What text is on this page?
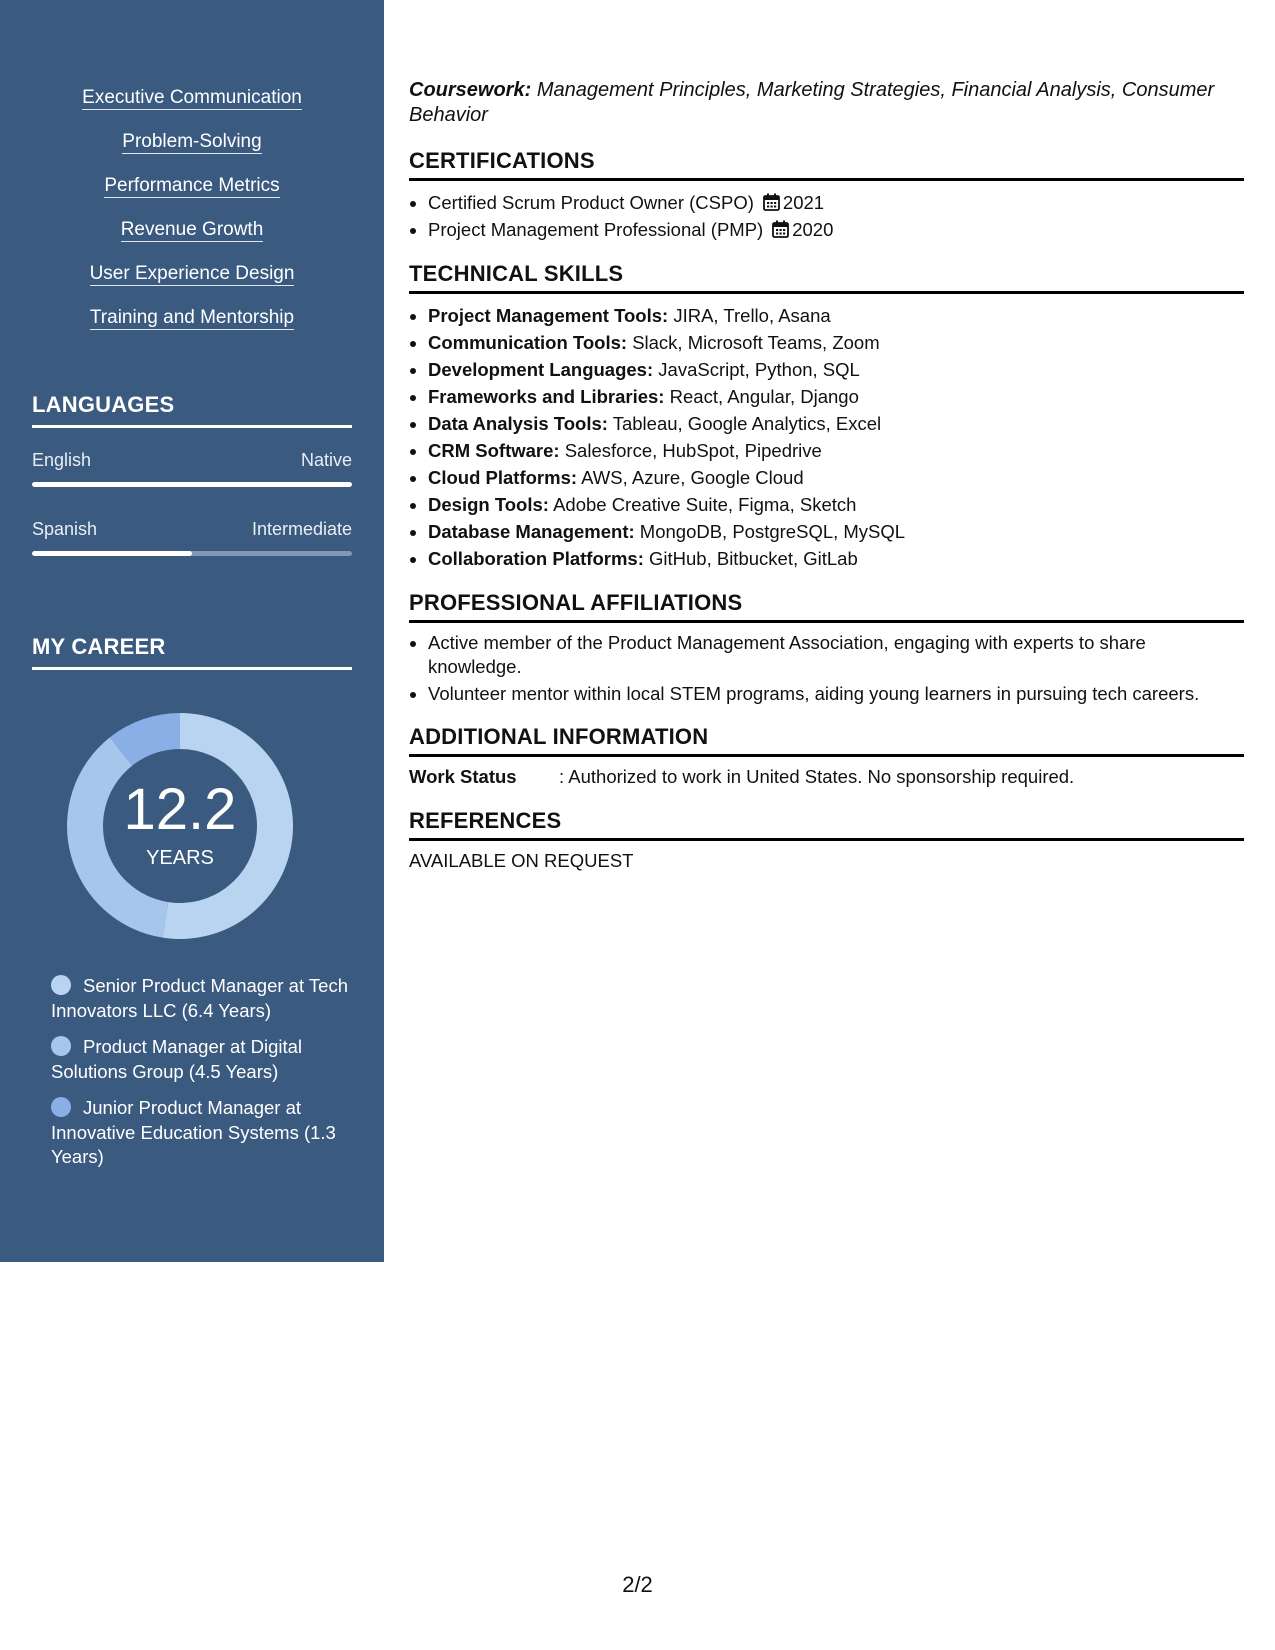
Executive Communication
Problem-Solving
Performance Metrics
Revenue Growth
User Experience Design
Training and Mentorship
LANGUAGES
English	Native
Spanish	Intermediate
MY CAREER
12.2
YEARS
Senior Product Manager at Tech Innovators LLC (6.4 Years)
Product Manager at Digital Solutions Group (4.5 Years)
Junior Product Manager at Innovative Education Systems (1.3 Years)

Coursework: Management Principles, Marketing Strategies, Financial Analysis, Consumer Behavior

CERTIFICATIONS
• Certified Scrum Product Owner (CSPO) 2021
• Project Management Professional (PMP) 2020
TECHNICAL SKILLS
• Project Management Tools: JIRA, Trello, Asana
• Communication Tools: Slack, Microsoft Teams, Zoom
• Development Languages: JavaScript, Python, SQL
• Frameworks and Libraries: React, Angular, Django
• Data Analysis Tools: Tableau, Google Analytics, Excel
• CRM Software: Salesforce, HubSpot, Pipedrive
• Cloud Platforms: AWS, Azure, Google Cloud
• Design Tools: Adobe Creative Suite, Figma, Sketch
• Database Management: MongoDB, PostgreSQL, MySQL
• Collaboration Platforms: GitHub, Bitbucket, GitLab
PROFESSIONAL AFFILIATIONS
• Active member of the Product Management Association, engaging with experts to share knowledge.
• Volunteer mentor within local STEM programs, aiding young learners in pursuing tech careers.
ADDITIONAL INFORMATION
Work Status	: Authorized to work in United States. No sponsorship required.
REFERENCES
AVAILABLE ON REQUEST
2/2
